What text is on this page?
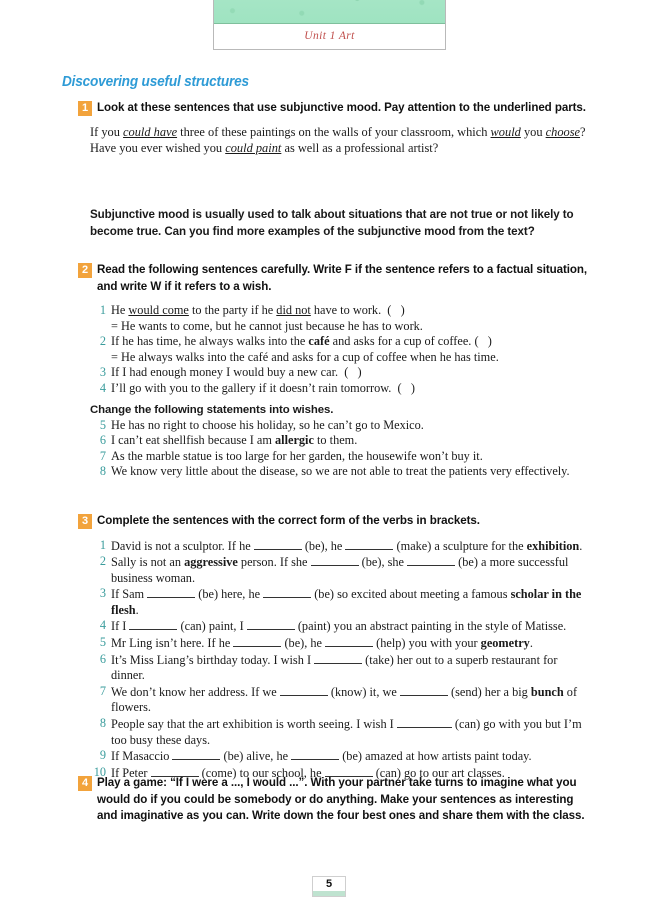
Unit 1 Art
Discovering useful structures
1 Look at these sentences that use subjunctive mood. Pay attention to the underlined parts.

If you could have three of these paintings on the walls of your classroom, which would you choose?

Have you ever wished you could paint as well as a professional artist?

Subjunctive mood is usually used to talk about situations that are not true or not likely to become true. Can you find more examples of the subjunctive mood from the text?
2 Read the following sentences carefully. Write F if the sentence refers to a factual situation, and write W if it refers to a wish.
1 He would come to the party if he did not have to work.  (   )
= He wants to come, but he cannot just because he has to work.
2 If he has time, he always walks into the café and asks for a cup of coffee. (   )
= He always walks into the café and asks for a cup of coffee when he has time.
3 If I had enough money I would buy a new car.  (   )
4 I’ll go with you to the gallery if it doesn’t rain tomorrow.  (   )
Change the following statements into wishes.
5 He has no right to choose his holiday, so he can’t go to Mexico.
6 I can’t eat shellfish because I am allergic to them.
7 As the marble statue is too large for her garden, the housewife won’t buy it.
8 We know very little about the disease, so we are not able to treat the patients very effectively.
3 Complete the sentences with the correct form of the verbs in brackets.
1 David is not a sculptor. If he	(be), he	(make) a sculpture for the exhibition.
2 Sally is not an aggressive person. If she	(be), she	(be) a more successful business woman.
3 If Sam	(be) here, he	(be) so excited about meeting a famous scholar in the flesh.
4 If I	(can) paint, I	(paint) you an abstract painting in the style of Matisse.
5 Mr Ling isn’t here. If he	(be), he	(help) you with your geometry.
6 It’s Miss Liang’s birthday today. I wish I	(take) her out to a superb restaurant for dinner.
7 We don’t know her address. If we	(know) it, we	(send) her a big bunch of flowers.
8 People say that the art exhibition is worth seeing. I wish I	(can) go with you but I’m too busy these days.
9 If Masaccio	(be) alive, he	(be) amazed at how artists paint today.
10 If Peter	(come) to our school, he	(can) go to our art classes.
4 Play a game: “If I were a ..., I would ...”. With your partner take turns to imagine what you would do if you could be somebody or do anything. Make your sentences as interesting and imaginative as you can. Write down the four best ones and share them with the class.
5
